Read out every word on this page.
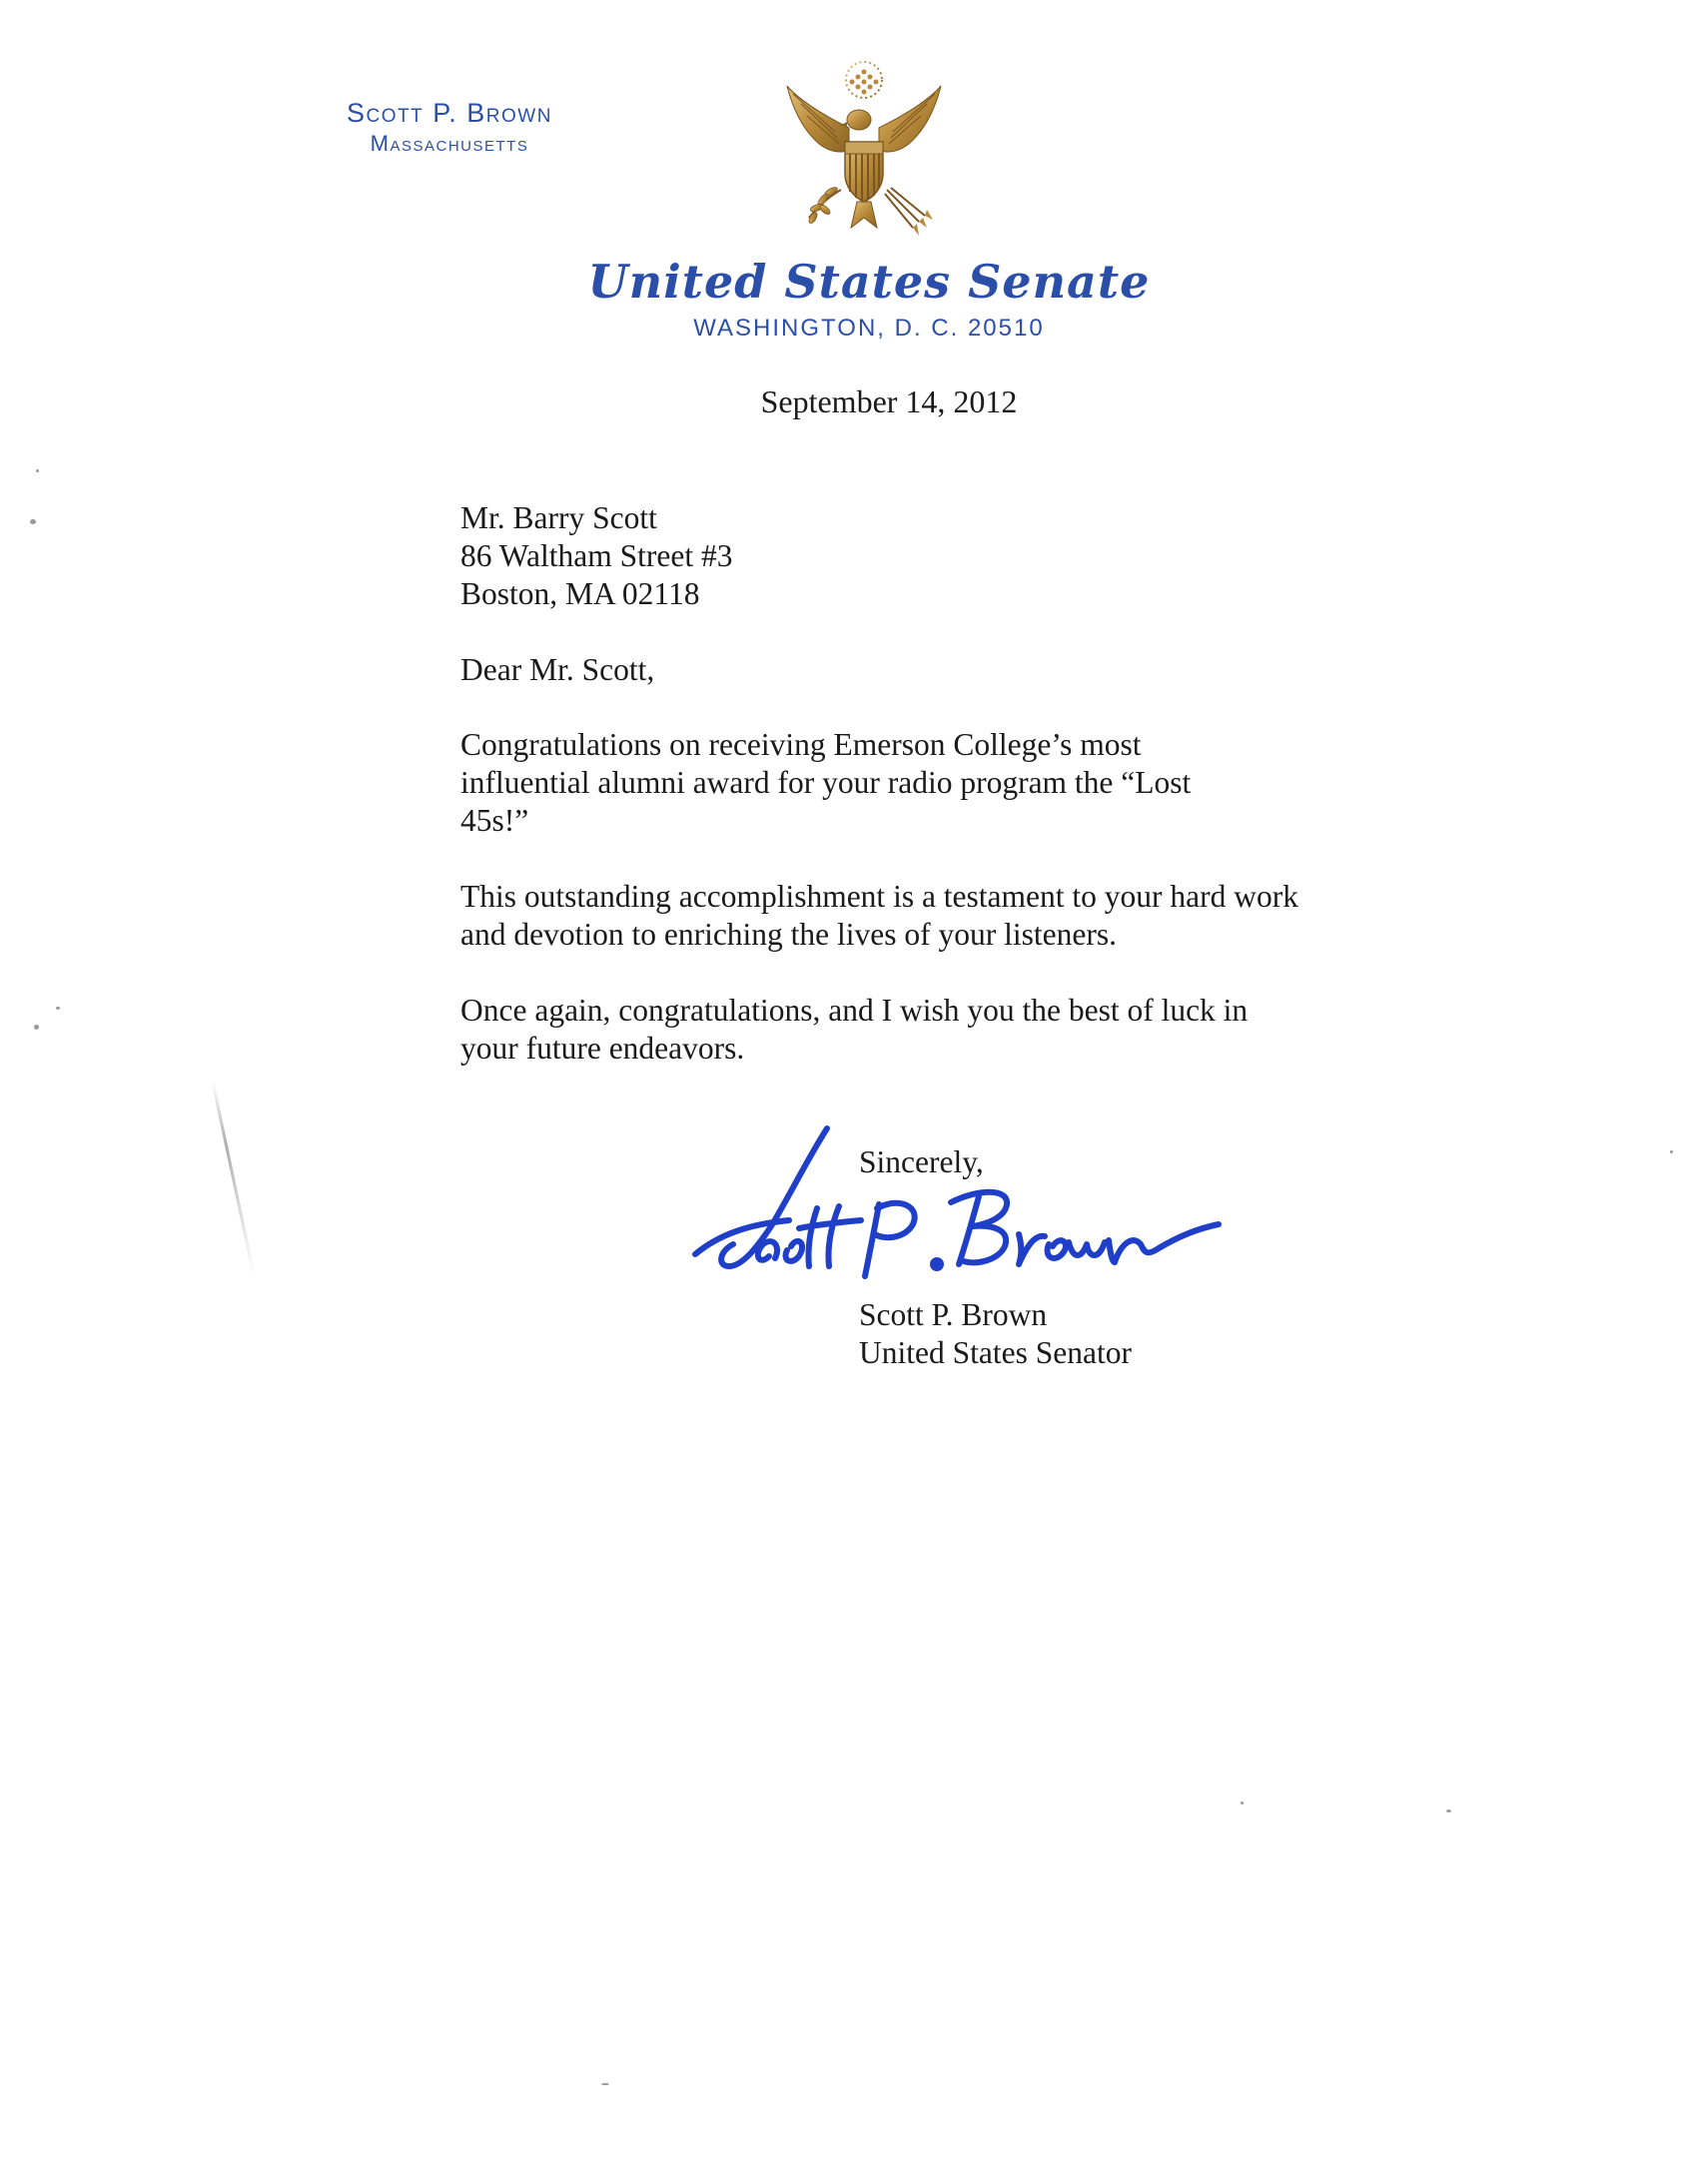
Scott P. Brown
Massachusetts
United States Senate
WASHINGTON, D. C. 20510
September 14, 2012
Mr. Barry Scott
86 Waltham Street #3
Boston, MA 02118
Dear Mr. Scott,
Congratulations on receiving Emerson College’s most influential alumni award for your radio program the “Lost 45s!”
This outstanding accomplishment is a testament to your hard work and devotion to enriching the lives of your listeners.
Once again, congratulations, and I wish you the best of luck in your future endeavors.
Sincerely,
Scott P. Brown
United States Senator
